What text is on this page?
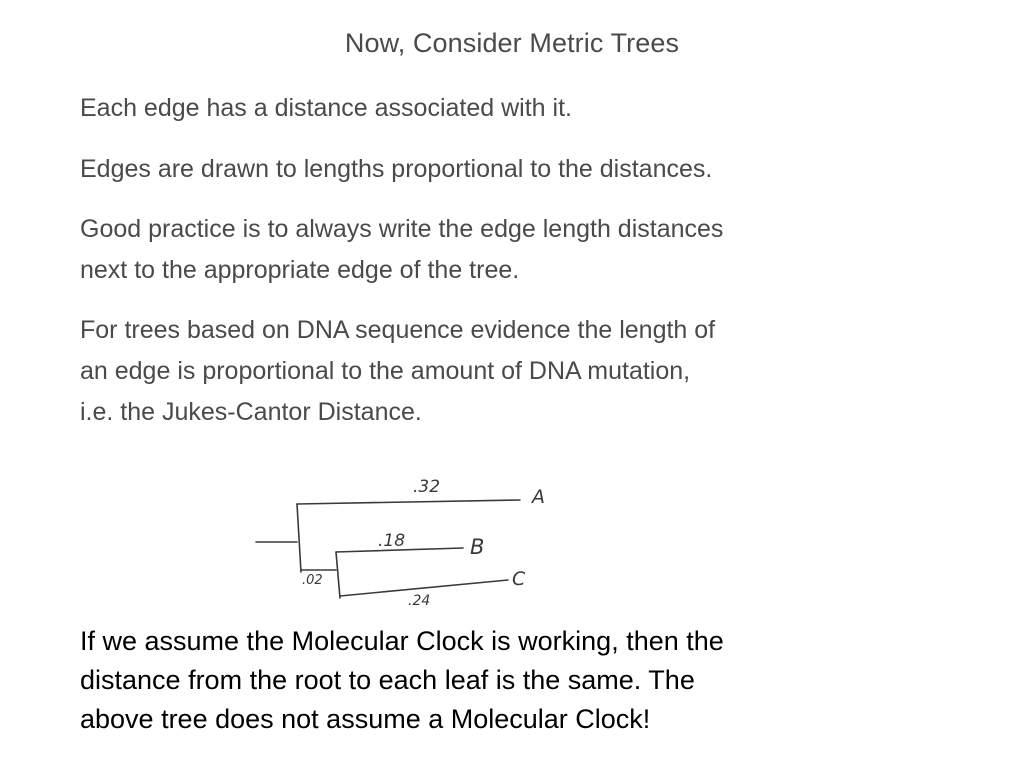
Now, Consider Metric Trees
Each edge has a distance associated with it.
Edges are drawn to lengths proportional to the distances.
Good practice is to always write the edge length distances
next to the appropriate edge of the tree.
For trees based on DNA sequence evidence the length of
an edge is proportional to the amount of DNA mutation,
i.e. the Jukes-Cantor Distance.
.32
.18
.02
.24
A
B
C
If we assume the Molecular Clock is working, then the
distance from the root to each leaf is the same. The
above tree does not assume a Molecular Clock!
